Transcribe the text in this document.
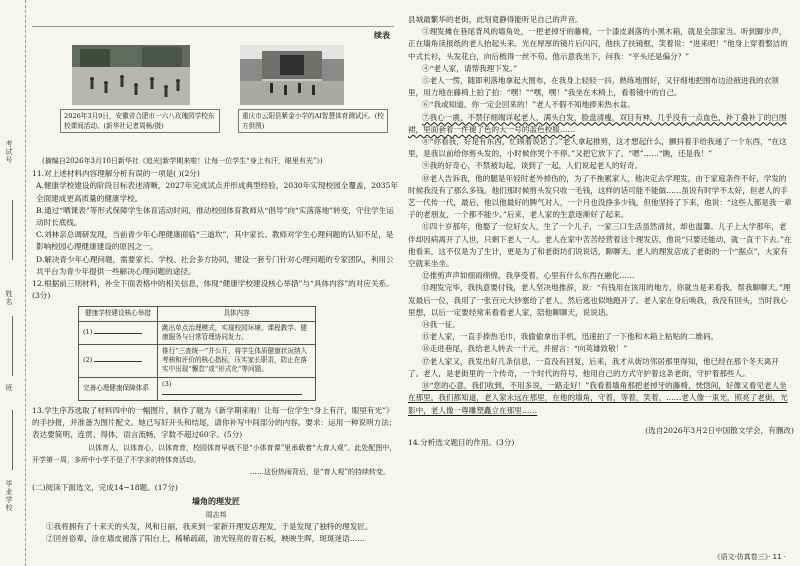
考试号
姓名
班
毕业学校
续表
2026年3月9日，安徽省合肥市一六八玫瑰园学校东校课间活动。(新华社记者周畅/摄)
重庆市云阳县紫金小学的AI智慧体育测试区。(校方供图)

(摘编自2026年3月10日新华社《追光|新学期来啦！让每一位学生“身上有汗，眼里有光”》)

11.对上述材料内容理解分析有误的一项是( )(2分)

A.健康学校建设的阶段目标表述清晰，2027年完成试点并形成典型经验，2030年实现校园全覆盖，2035年全面建成更高质量的健康学校。

B.通过“晒课表”等形式保障学生体育活动时间，推动校园体育教师从“倡导”向“实落落地”转变，守住学生运动时长底线。

C.刘林亲总调研发现，当前青少年心理健康面临“三道坎”，其中家长、教师对学生心理问题的认知不足，是影响校园心理健康建设的原因之一。

D.解决青少年心理问题，需要家长、学校、社会多方协同，建设一套专门针对心理问题的专家团队，利用公共平台为青少年提供一些解决心理问题的途径。

12.根据前三则材料，补全下面表格中的相关信息，体现“健康学校建设核心举措”与“具体内容”的对应关系。(3分)

健康学校建设核心举措	具体内容
(1)	跳出单点治理模式，实现校园环境、课程教学、健康服务与日常管理协同发力。
(2)	推行“三查统一”并公开，将学生体质健康状况纳入考核和评价的核心指标，压实家长职责，防止在落实中出现“懈怠”或“形式化”等问题。
完善心理健康保障体系	(3)

13.学生序苏选取了材料四中的一幅图片，制作了题为《新学期来啦！让每一位学生“身上有汗，眼里有光”》的手抄报，并准备为图片配文。她已写好开头和结尾，请你补写中间部分的内容。要求：运用一种说明方法；表达要简明、连贯、得体，语言流畅，字数不超过60字。(5分)

以体育人，以体育心，以体育育，校园体育早就不是“小体育课”里承载着“大育人观”。此处配图中，开学第一周，多所中小学不是了不学多的特体育活动。

……这份热闹背后，是“育人观”的持续转变。

(二)阅读下面选文，完成14~18题。(17分)

墙角的理发匠

周志邦

①我将拥有了十来天的头发，风和日丽，我来到一家新开理发店理发，于是发现了独特的理发匠。

②回首俗辈，涂在墙皮褪落了阳台上，稀稀疏疏，油光锃亮的青石板，映映生晖，斑斑迷语……

县城最繁华的老街，此刻竟静得能听见自己的声音。

③理发摊在巷尾背风的墙角处，一把老掉牙的藤椅，一个漆皮剥落的小黑木箱，就是全部家当。听到脚步声，正在墙角读报纸的老人抬起头来。光在厚厚的镜片后闪闪，他扶了扶镜框，笑着说：“进来吧！”他身上穿着整洁的中式长衫，头发花白，向后梳得一丝不苟。他示意我坐下，问我：“平头还是偏分？”

④“老人家，请帮我理下发。”

⑤老人一愣，随即利落地拿起大围布，在我身上轻轻一抖，熟练地围好，又仔细地把围布边沿掖进我的衣领里，用力地在藤椅上拍了拍：“嘿！”“嘿，嘿！”我坐在木椅上，看着镜中的自己。

⑥“我或知道，你一定会回来的！”老人不假不知地捧来热水盆。

⑦我心一震，不禁仔细端详起老人，满头白发，脸盘清瘦，双目有神，几乎没有一点血色，补丁叠补丁的白围裙，里面套着一件褪了色的大一号的蓝色校服……

⑧“你看我，好是有东西，忙顾着说话了。”老人拿起推剪，这才想起什么，颤抖着手给我递了一个东西，“在这里，是我以前给你剪头发的，小时候你哭个不停。”又把它放下了，“嗯”……“瞧，还是我！”

⑨我的好奇心，不禁被勾起，谈到了一起，人们说起老人的好奇。

⑩老人告诉我，他的腿是年轻时老外掉伤的，为了不拖累家人，他决定去学理发，由于家庭条件不好，学发的时候我没有了那么多钱。他们那时候剪头发只收一毛钱，这样的话可能不能做……虽说有时学不太好，但老人的手艺一代传一代，最后，他以他最好的脾气对人，一个月也没挣多少钱，但他坚持了下来，他说：“这些人都是我一辈子的老朋友，一个都不能少。”后来，老人家的生意逐渐好了起来。

⑪四十岁那年，他娶了一位好女人，生了一个儿子，一家三口生活虽然清贫，却也温馨。儿子上大学那年，老伴却因病离开了人世，只剩下老人一人。老人在家中苦苦经营着这个理发店，他说“只要还能动，就一直干下去。”在他看来，这不仅是为了生计，更是为了和老街坊们说说话，聊聊天。老人的理发店成了老街的一个“据点”，大家有空就来坐坐。

⑫推剪声声如细雨绵绵，我享受着，心里有什么东西在融化……

⑬理发完毕，我执意要付钱，老人坚决地推辞，说：“有钱用在该用的地方，你就当是来看我，帮我聊聊天。”理发最后一位，我用了一张百元大钞塞给了老人，然后逃也似地跑开了。老人家在身后唤我，我没有回头，当时我心里想，以后一定要经常来看看老人家，陪他聊聊天，说说话。

⑭我一征。

⑮老人家，一直手捧热毛巾，我偷偷拿出手机，迅速拍了一下他和木箱上粘贴的二维码。

⑯走进巷尾，我给老人转去一千元，并留言：“向英雄致敬！”

⑰老人家又，我发出好几条信息，一直没有回复，后来，我才从街坊邻居那里得知，他已经在那个冬天离开了。老人，是老街里的一个传奇，一个时代的符号，他用自己的方式守护着这条老街，守护着那些人。

⑱“您的心意，我们收到，不用多说，一路走好！”我看着墙角那把老掉牙的藤椅，恍惚间，好像又看见老人坐在那里，我们都知道，老人家永远在那里，在他的墙角，守着，等着，笑着，……老人像一束光，照亮了老街，光影中，老人像一尊雕塑矗立在那里……

(选自2026年3月2日中国散文学会，有删改)

14.分析选文题目的作用。(3分)

《语文·仿真卷三》· 11 ·
